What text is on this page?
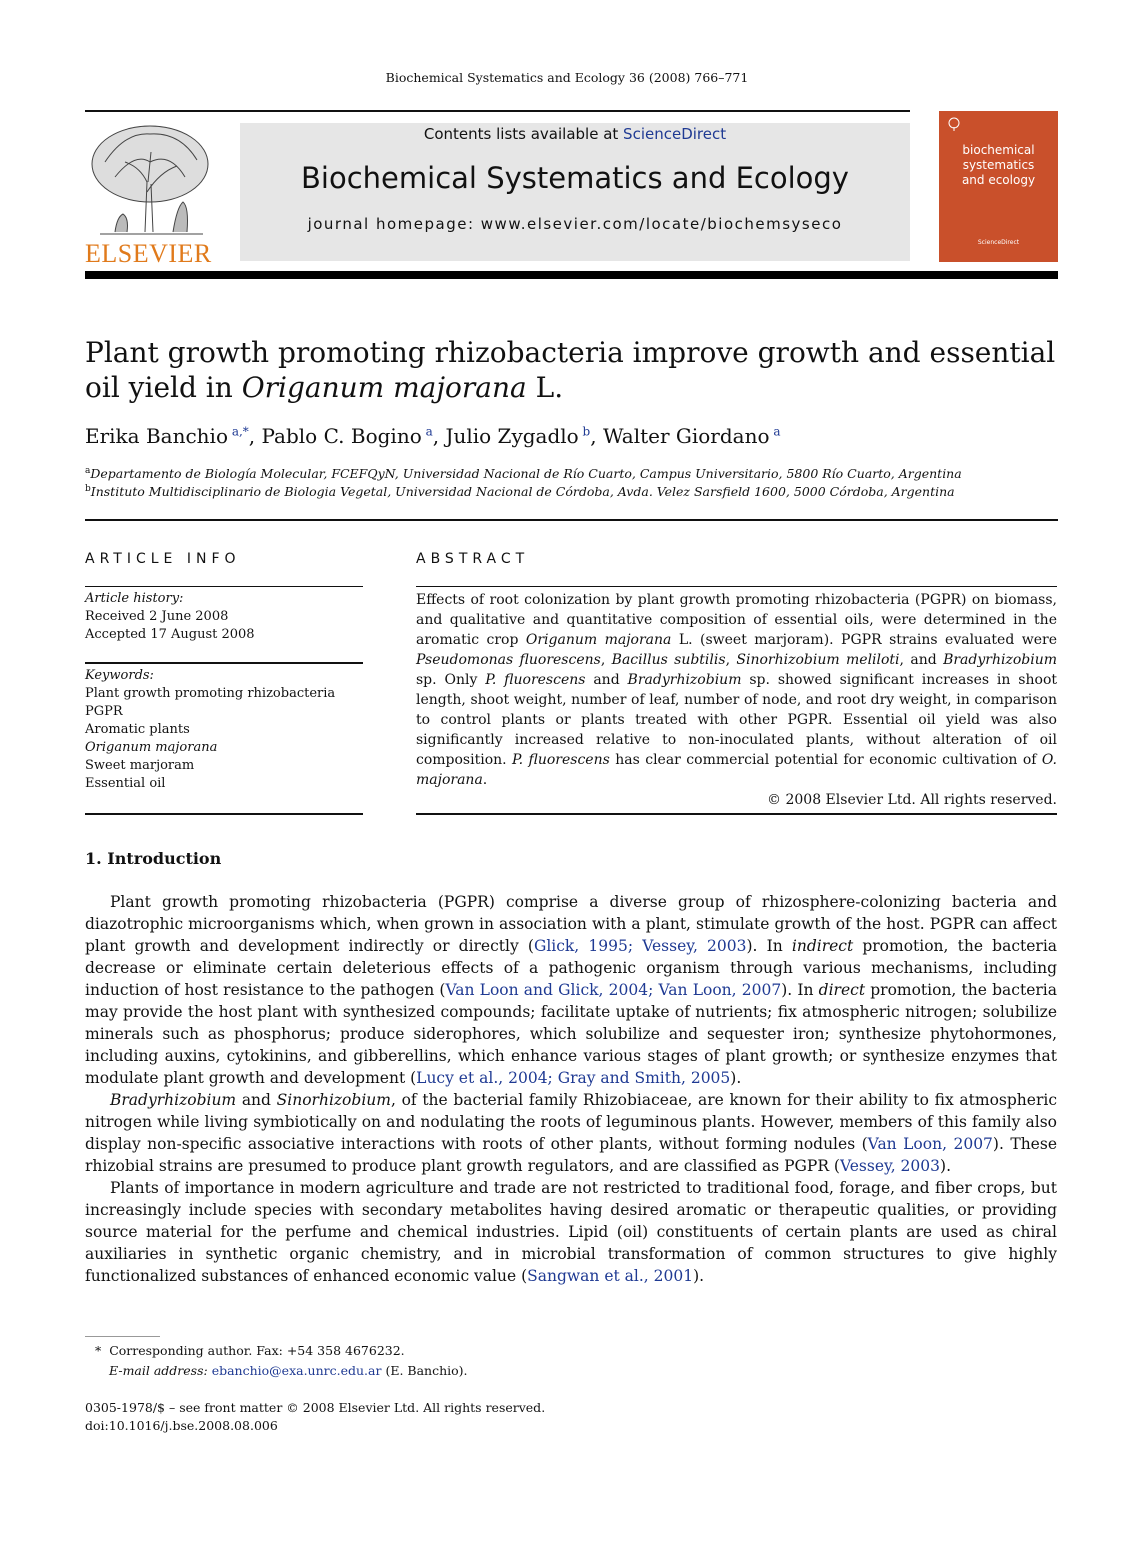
Biochemical Systematics and Ecology 36 (2008) 766–771
ELSEVIER
Contents lists available at ScienceDirect
Biochemical Systematics and Ecology
journal homepage: www.elsevier.com/locate/biochemsyseco
biochemical
systematics
and ecology
ScienceDirect
Plant growth promoting rhizobacteria improve growth and essential
oil yield in Origanum majorana L.
Erika Banchio $^{a,*}$, Pablo C. Bogino $^a$, Julio Zygadlo $^b$, Walter Giordano $^a$
$^a$Departamento de Biología Molecular, FCEFQyN, Universidad Nacional de Río Cuarto, Campus Universitario, 5800 Río Cuarto, Argentina
$^b$Instituto Multidisciplinario de Biologia Vegetal, Universidad Nacional de Córdoba, Avda. Velez Sarsfield 1600, 5000 Córdoba, Argentina
ARTICLE INFO
Article history:
Received 2 June 2008
Accepted 17 August 2008
Keywords:
Plant growth promoting rhizobacteria
PGPR
Aromatic plants
Origanum majorana
Sweet marjoram
Essential oil
ABSTRACT
Effects of root colonization by plant growth promoting rhizobacteria (PGPR) on biomass, and qualitative and quantitative composition of essential oils, were determined in the aromatic crop Origanum majorana L. (sweet marjoram). PGPR strains evaluated were Pseudomonas fluorescens, Bacillus subtilis, Sinorhizobium meliloti, and Bradyrhizobium sp. Only P. fluorescens and Bradyrhizobium sp. showed significant increases in shoot length, shoot weight, number of leaf, number of node, and root dry weight, in comparison to control plants or plants treated with other PGPR. Essential oil yield was also significantly increased relative to non-inoculated plants, without alteration of oil composition. P. fluorescens has clear commercial potential for economic cultivation of O. majorana.
© 2008 Elsevier Ltd. All rights reserved.
1. Introduction

Plant growth promoting rhizobacteria (PGPR) comprise a diverse group of rhizosphere-colonizing bacteria and diazotrophic microorganisms which, when grown in association with a plant, stimulate growth of the host. PGPR can affect plant growth and development indirectly or directly (Glick, 1995; Vessey, 2003). In indirect promotion, the bacteria decrease or eliminate certain deleterious effects of a pathogenic organism through various mechanisms, including induction of host resistance to the pathogen (Van Loon and Glick, 2004; Van Loon, 2007). In direct promotion, the bacteria may provide the host plant with synthesized compounds; facilitate uptake of nutrients; fix atmospheric nitrogen; solubilize minerals such as phosphorus; produce siderophores, which solubilize and sequester iron; synthesize phytohormones, including auxins, cytokinins, and gibberellins, which enhance various stages of plant growth; or synthesize enzymes that modulate plant growth and development (Lucy et al., 2004; Gray and Smith, 2005).

Bradyrhizobium and Sinorhizobium, of the bacterial family Rhizobiaceae, are known for their ability to fix atmospheric nitrogen while living symbiotically on and nodulating the roots of leguminous plants. However, members of this family also display non-specific associative interactions with roots of other plants, without forming nodules (Van Loon, 2007). These rhizobial strains are presumed to produce plant growth regulators, and are classified as PGPR (Vessey, 2003).

Plants of importance in modern agriculture and trade are not restricted to traditional food, forage, and fiber crops, but increasingly include species with secondary metabolites having desired aromatic or therapeutic qualities, or providing source material for the perfume and chemical industries. Lipid (oil) constituents of certain plants are used as chiral auxiliaries in synthetic organic chemistry, and in microbial transformation of common structures to give highly functionalized substances of enhanced economic value (Sangwan et al., 2001).

* Corresponding author. Fax: +54 358 4676232.
E-mail address: ebanchio@exa.unrc.edu.ar (E. Banchio).
0305-1978/$ – see front matter © 2008 Elsevier Ltd. All rights reserved.
doi:10.1016/j.bse.2008.08.006
